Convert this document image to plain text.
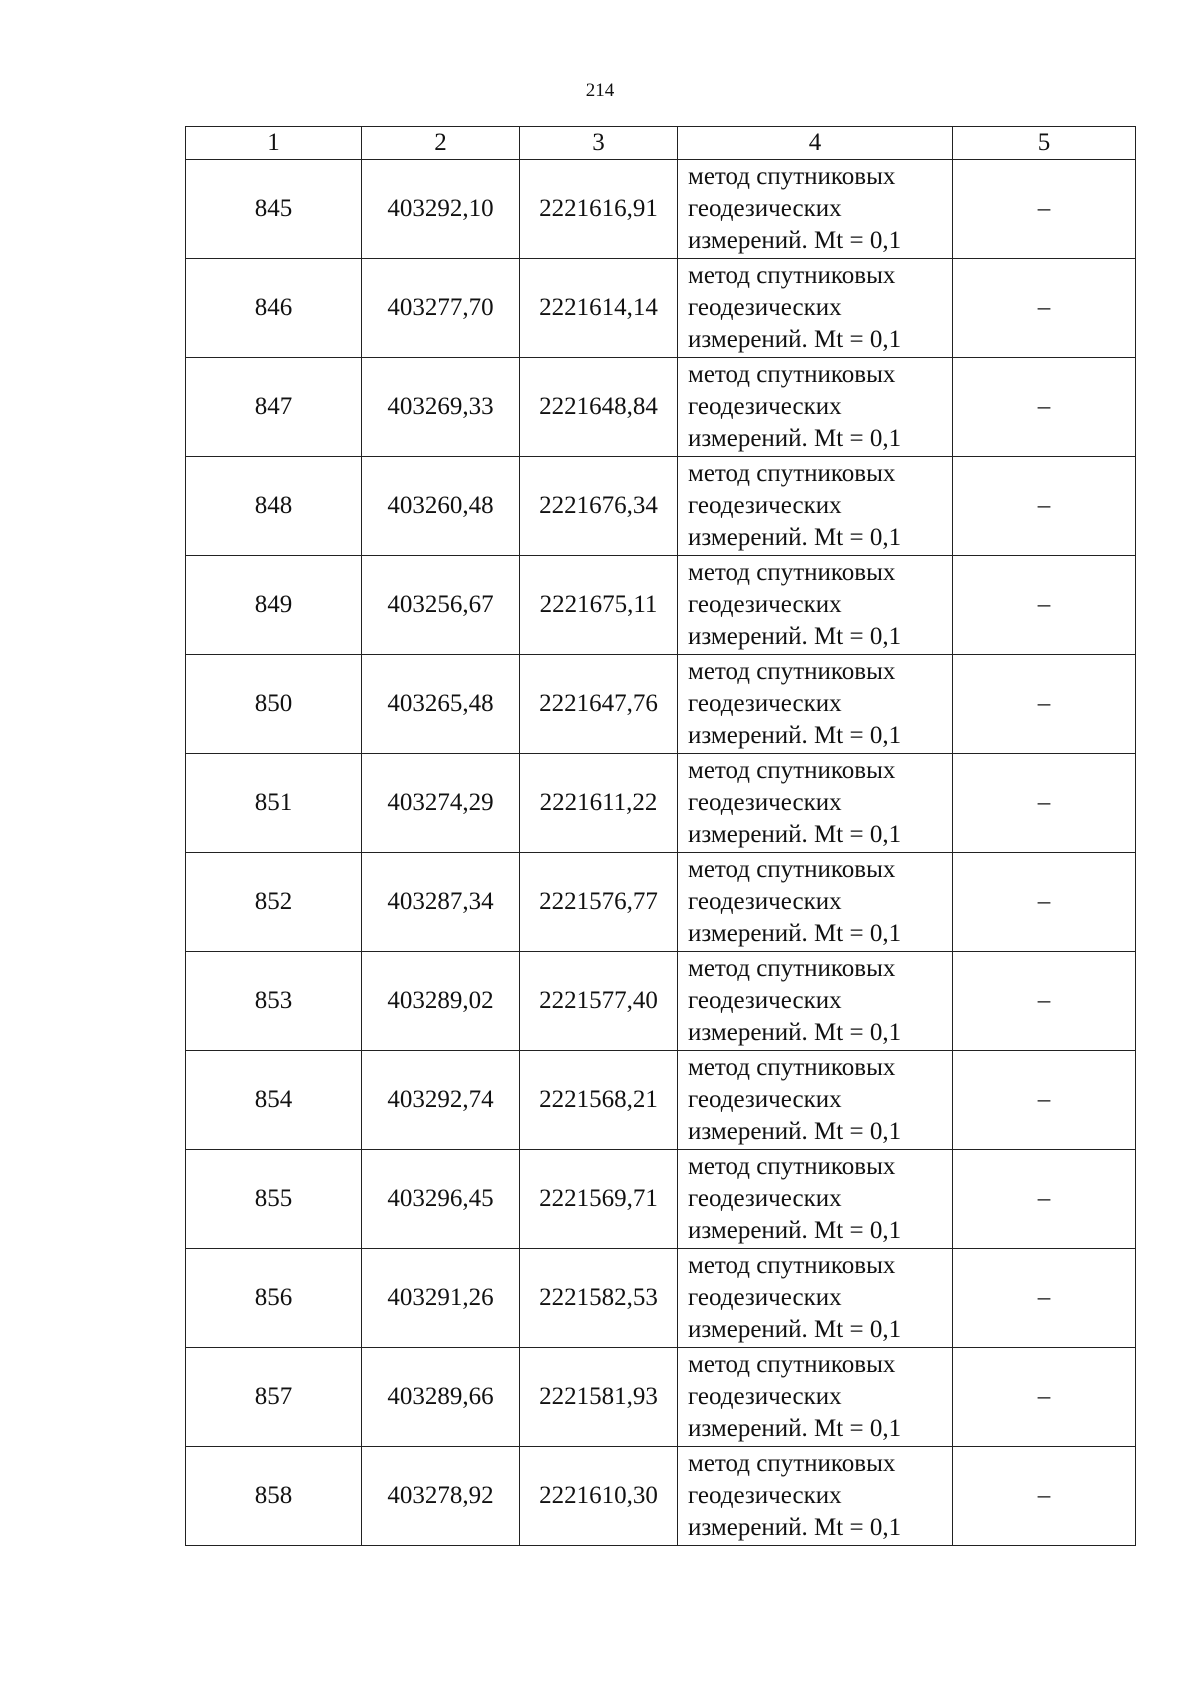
214
1	2	3	4	5
845	403292,10	2221616,91	метод спутниковых
геодезических
измерений. Mt = 0,1	–
846	403277,70	2221614,14	метод спутниковых
геодезических
измерений. Mt = 0,1	–
847	403269,33	2221648,84	метод спутниковых
геодезических
измерений. Mt = 0,1	–
848	403260,48	2221676,34	метод спутниковых
геодезических
измерений. Mt = 0,1	–
849	403256,67	2221675,11	метод спутниковых
геодезических
измерений. Mt = 0,1	–
850	403265,48	2221647,76	метод спутниковых
геодезических
измерений. Mt = 0,1	–
851	403274,29	2221611,22	метод спутниковых
геодезических
измерений. Mt = 0,1	–
852	403287,34	2221576,77	метод спутниковых
геодезических
измерений. Mt = 0,1	–
853	403289,02	2221577,40	метод спутниковых
геодезических
измерений. Mt = 0,1	–
854	403292,74	2221568,21	метод спутниковых
геодезических
измерений. Mt = 0,1	–
855	403296,45	2221569,71	метод спутниковых
геодезических
измерений. Mt = 0,1	–
856	403291,26	2221582,53	метод спутниковых
геодезических
измерений. Mt = 0,1	–
857	403289,66	2221581,93	метод спутниковых
геодезических
измерений. Mt = 0,1	–
858	403278,92	2221610,30	метод спутниковых
геодезических
измерений. Mt = 0,1	–
